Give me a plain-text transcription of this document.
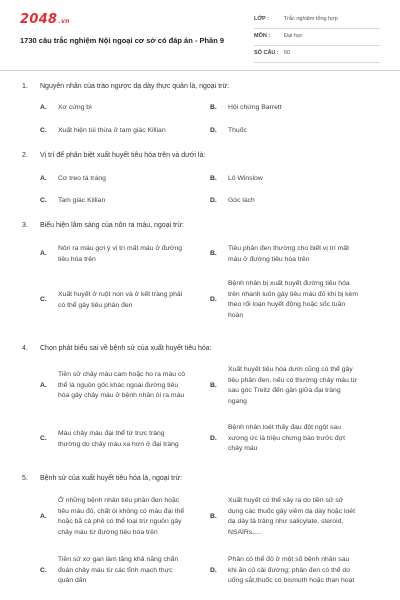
2048.vn
1730 câu trắc nghiệm Nội ngoại cơ sở có đáp án - Phần 9
LỚP :	Trắc nghiệm tổng hợp
MÔN :	Đại học
SỐ CÂU : 50
1. Nguyên nhân của trào ngược dạ dày thực quản là, ngoại trừ:
A. Xơ cứng bì	B. Hội chứng Barrett
C. Xuất hiện túi thừa ở tam giác Killian	D. Thuốc
2. Vị trí để phân biệt xuất huyết tiêu hóa trên và dưới là:
A. Cơ treo tá tràng	B. Lô Winslow
C. Tam giác Killian	D. Góc lách
3. Biểu hiện lâm sàng của nôn ra máu, ngoại trừ:
A.
Nôn ra máu gợi ý vị trí mất máu ở đường
tiêu hóa trên
B.
Tiêu phân đen thường cho biết vị trí mất
máu ở đường tiêu hóa trên
C.
Xuất huyết ở ruột non và ở kết tràng phải
có thể gây tiêu phân đen
D.
Bệnh nhân bị xuất huyết đường tiêu hóa
trên nhanh luôn gây tiêu máu đỏ khi bị kèm
theo rối loạn huyết động hoặc sốc tuần
hoàn
4. Chọn phát biểu sai về bệnh sử của xuất huyết tiêu hóa:
A.
Tiền sử chảy máu cam hoặc ho ra máu có
thể là nguồn gốc khác ngoài đường tiêu
hóa gây chảy máu ở bệnh nhân ói ra máu
B.
Xuất huyết tiêu hóa dưới cũng có thể gây
tiêu phân đen, nếu có thường chảy máu từ
sau góc Treitz đến gần giữa đại tràng
ngang
C.
Máu chảy máu đại thể từ trực tràng
thường do chảy máu xa hơn ở đại tràng
D.
Bệnh nhân loét thấy đau đột ngột sau
xương ức là triệu chứng báo trước đợt
chảy máu
5. Bệnh sử của xuất huyết tiêu hóa là, ngoại trừ:
A.
Ở những bệnh nhân tiêu phân đen hoặc
tiêu máu đỏ, chất ói không có máu đại thể
hoặc bã cà phê có thể loại trừ nguồn gây
chảy máu từ đường tiêu hóa trên
B.
Xuất huyết có thể xảy ra do tiền sử sử
dụng các thuốc gây viêm dạ dày hoặc loét
dạ dày tá tràng như salicylate, steroid,
NSAIRs,....
C.
Tiền sử xơ gan làm tăng khả năng chẩn
đoán chảy máu từ các tĩnh mạch thực
quản dãn
D.
Phân có thể đỏ ở một số bệnh nhân sau
khi ăn củ cải đường; phân đen có thể do
uống sắt,thuốc có bismuth hoặc than hoạt
